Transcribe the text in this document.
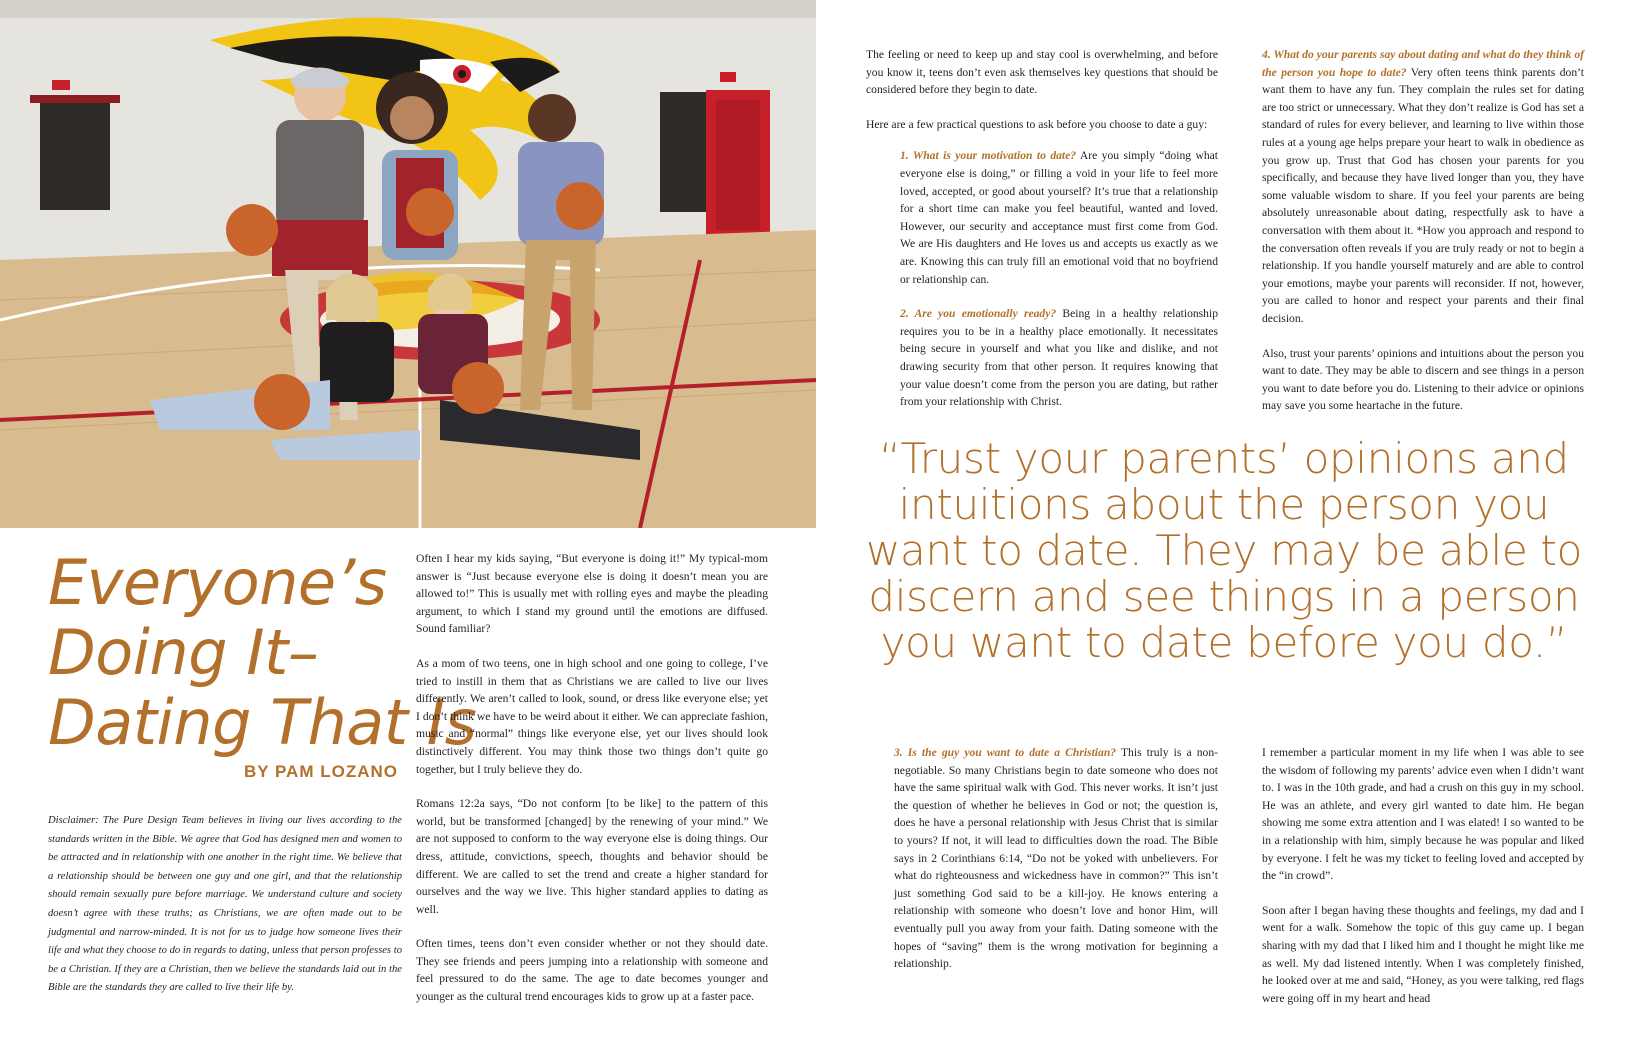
Everyone’s
Doing It–
Dating That Is
BY PAM LOZANO
Disclaimer: The Pure Design Team believes in living our lives according to the standards written in the Bible. We agree that God has designed men and women to be attracted and in relationship with one another in the right time. We believe that a relationship should be between one guy and one girl, and that the relationship should remain sexually pure before marriage. We understand culture and society doesn’t agree with these truths; as Christians, we are often made out to be judgmental and narrow-minded. It is not for us to judge how someone lives their life and what they choose to do in regards to dating, unless that person professes to be a Christian. If they are a Christian, then we believe the standards laid out in the Bible are the standards they are called to live their life by.

Often I hear my kids saying, “But everyone is doing it!” My typical-mom answer is “Just because everyone else is doing it doesn’t mean you are allowed to!” This is usually met with rolling eyes and maybe the pleading argument, to which I stand my ground until the emotions are diffused. Sound familiar?

As a mom of two teens, one in high school and one going to college, I’ve tried to instill in them that as Christians we are called to live our lives differently. We aren’t called to look, sound, or dress like everyone else; yet I don’t think we have to be weird about it either. We can appreciate fashion, music and “normal” things like everyone else, yet our lives should look distinctively different. You may think those two things don’t quite go together, but I truly believe they do.

Romans 12:2a says, “Do not conform [to be like] to the pattern of this world, but be transformed [changed] by the renewing of your mind.” We are not supposed to conform to the way everyone else is doing things. Our dress, attitude, convictions, speech, thoughts and behavior should be different. We are called to set the trend and create a higher standard for ourselves and the way we live. This higher standard applies to dating as well.

Often times, teens don’t even consider whether or not they should date. They see friends and peers jumping into a relationship with someone and feel pressured to do the same. The age to date becomes younger and younger as the cultural trend encourages kids to grow up at a faster pace.

The feeling or need to keep up and stay cool is overwhelming, and before you know it, teens don’t even ask themselves key questions that should be considered before they begin to date.

Here are a few practical questions to ask before you choose to date a guy:

1. What is your motivation to date? Are you simply “doing what everyone else is doing,” or filling a void in your life to feel more loved, accepted, or good about yourself? It’s true that a relationship for a short time can make you feel beautiful, wanted and loved. However, our security and acceptance must first come from God. We are His daughters and He loves us and accepts us exactly as we are. Knowing this can truly fill an emotional void that no boyfriend or relationship can.

2. Are you emotionally ready? Being in a healthy relationship requires you to be in a healthy place emotionally. It necessitates being secure in yourself and what you like and dislike, and not drawing security from that other person. It requires knowing that your value doesn’t come from the person you are dating, but rather from your relationship with Christ.

4. What do your parents say about dating and what do they think of the person you hope to date? Very often teens think parents don’t want them to have any fun. They complain the rules set for dating are too strict or unnecessary. What they don’t realize is God has set a standard of rules for every believer, and learning to live within those rules at a young age helps prepare your heart to walk in obedience as you grow up. Trust that God has chosen your parents for you specifically, and because they have lived longer than you, they have some valuable wisdom to share. If you feel your parents are being absolutely unreasonable about dating, respectfully ask to have a conversation with them about it. *How you approach and respond to the conversation often reveals if you are truly ready or not to begin a relationship. If you handle yourself maturely and are able to control your emotions, maybe your parents will reconsider. If not, however, you are called to honor and respect your parents and their final decision.

Also, trust your parents’ opinions and intuitions about the person you want to date. They may be able to discern and see things in a person you want to date before you do. Listening to their advice or opinions may save you some heartache in the future.

“Trust your parents’ opinions and intuitions about the person you want to date. They may be able to discern and see things in a person you want to date before you do.”

3. Is the guy you want to date a Christian? This truly is a non-negotiable. So many Christians begin to date someone who does not have the same spiritual walk with God. This never works. It isn’t just the question of whether he believes in God or not; the question is, does he have a personal relationship with Jesus Christ that is similar to yours? If not, it will lead to difficulties down the road. The Bible says in 2 Corinthians 6:14, “Do not be yoked with unbelievers. For what do righteousness and wickedness have in common?” This isn’t just something God said to be a kill-joy. He knows entering a relationship with someone who doesn’t love and honor Him, will eventually pull you away from your faith. Dating someone with the hopes of “saving” them is the wrong motivation for beginning a relationship.

I remember a particular moment in my life when I was able to see the wisdom of following my parents’ advice even when I didn’t want to. I was in the 10th grade, and had a crush on this guy in my school. He was an athlete, and every girl wanted to date him. He began showing me some extra attention and I was elated! I so wanted to be in a relationship with him, simply because he was popular and liked by everyone. I felt he was my ticket to feeling loved and accepted by the “in crowd”.

Soon after I began having these thoughts and feelings, my dad and I went for a walk. Somehow the topic of this guy came up. I began sharing with my dad that I liked him and I thought he might like me as well. My dad listened intently. When I was completely finished, he looked over at me and said, “Honey, as you were talking, red flags were going off in my heart and head
